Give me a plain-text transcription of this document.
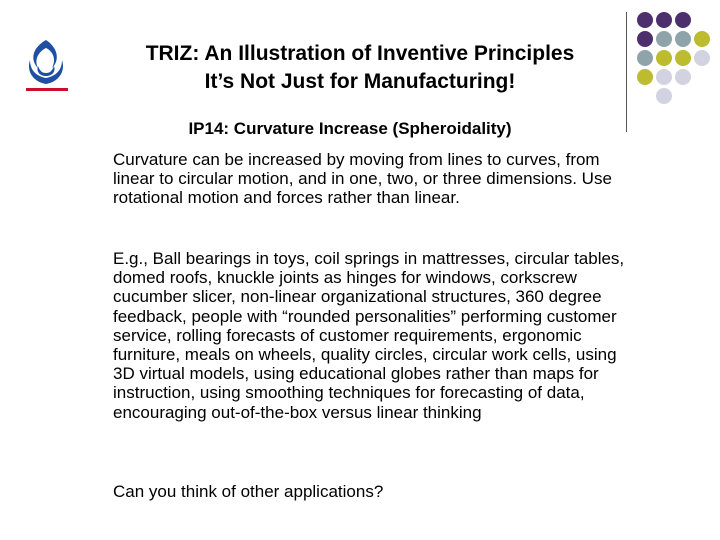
TRIZ: An Illustration of Inventive Principles
It’s Not Just for Manufacturing!
IP14: Curvature Increase (Spheroidality)
Curvature can be increased by moving from lines to curves, from linear to circular motion, and in one, two, or three dimensions. Use rotational motion and forces rather than linear.
E.g., Ball bearings in toys, coil springs in mattresses, circular tables, domed roofs, knuckle joints as hinges for windows, corkscrew cucumber slicer, non-linear organizational structures, 360 degree feedback, people with “rounded personalities” performing customer service, rolling forecasts of customer requirements, ergonomic furniture, meals on wheels, quality circles, circular work cells, using 3D virtual models, using educational globes rather than maps for instruction, using smoothing techniques for forecasting of data, encouraging out-of-the-box versus linear thinking
Can you think of other applications?
